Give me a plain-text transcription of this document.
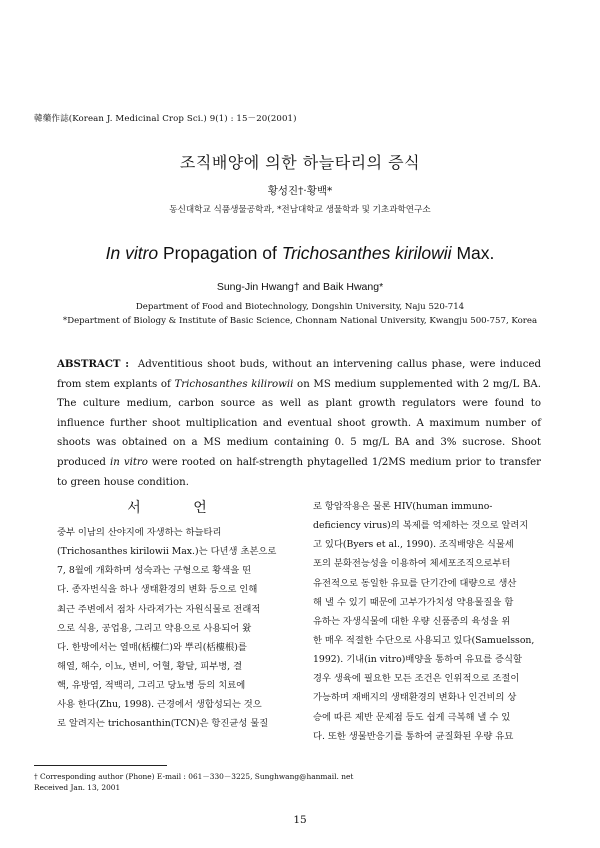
韓藥作誌(Korean J. Medicinal Crop Sci.) 9(1) : 15－20(2001)
조직배양에 의한 하늘타리의 증식
황성진†·황백*
동신대학교 식품생물공학과, *전남대학교 생물학과 및 기초과학연구소
In vitro Propagation of Trichosanthes kirilowii Max.
Sung-Jin Hwang† and Baik Hwang*
Department of Food and Biotechnology, Dongshin University, Naju 520-714
*Department of Biology & Institute of Basic Science, Chonnam National University, Kwangju 500-757, Korea
ABSTRACT : Adventitious shoot buds, without an intervening callus phase, were induced from stem explants of Trichosanthes kilirowii on MS medium supplemented with 2 mg/L BA. The culture medium, carbon source as well as plant growth regulators were found to influence further shoot multiplication and eventual shoot growth. A maximum number of shoots was obtained on a MS medium containing 0. 5 mg/L BA and 3% sucrose. Shoot produced in vitro were rooted on half-strength phytagelled 1/2MS medium prior to transfer to green house condition.
서 언
중부 이남의 산야지에 자생하는 하늘타리
(Trichosanthes kirilowii Max.)는 다년생 초본으로
7, 8월에 개화하며 성숙과는 구형으로 황색을 띤
다. 종자번식을 하나 생태환경의 변화 등으로 인해
최근 주변에서 점차 사라져가는 자원식물로 전래적
으로 식용, 공업용, 그리고 약용으로 사용되어 왔
다. 한방에서는 열매(栝樓仁)와 뿌리(栝樓根)를
해열, 해수, 이뇨, 변비, 어혈, 황달, 피부병, 결
핵, 유방염, 적백리, 그리고 당뇨병 등의 치료에
사용 한다(Zhu, 1998). 근경에서 생합성되는 것으
로 알려지는 trichosanthin(TCN)은 항진균성 물질
로 항암작용은 물론 HIV(human immuno-
deficiency virus)의 복제를 억제하는 것으로 알려지
고 있다(Byers et al., 1990). 조직배양은 식물세
포의 분화전능성을 이용하여 체세포조직으로부터
유전적으로 동일한 유묘를 단기간에 대량으로 생산
해 낼 수 있기 때문에 고부가가치성 약용물질을 함
유하는 자생식물에 대한 우량 신품종의 육성을 위
한 매우 적절한 수단으로 사용되고 있다(Samuelsson,
1992). 기내(in vitro)배양을 통하여 유묘를 증식할
경우 생육에 필요한 모든 조건은 인위적으로 조절이
가능하며 재배지의 생태환경의 변화나 인건비의 상
승에 따른 제반 문제점 등도 쉽게 극복해 낼 수 있
다. 또한 생물반응기를 통하여 균질화된 우량 유묘
† Corresponding author (Phone) E-mail : 061－330－3225, Sunghwang@hanmail. net
Received Jan. 13, 2001
15
